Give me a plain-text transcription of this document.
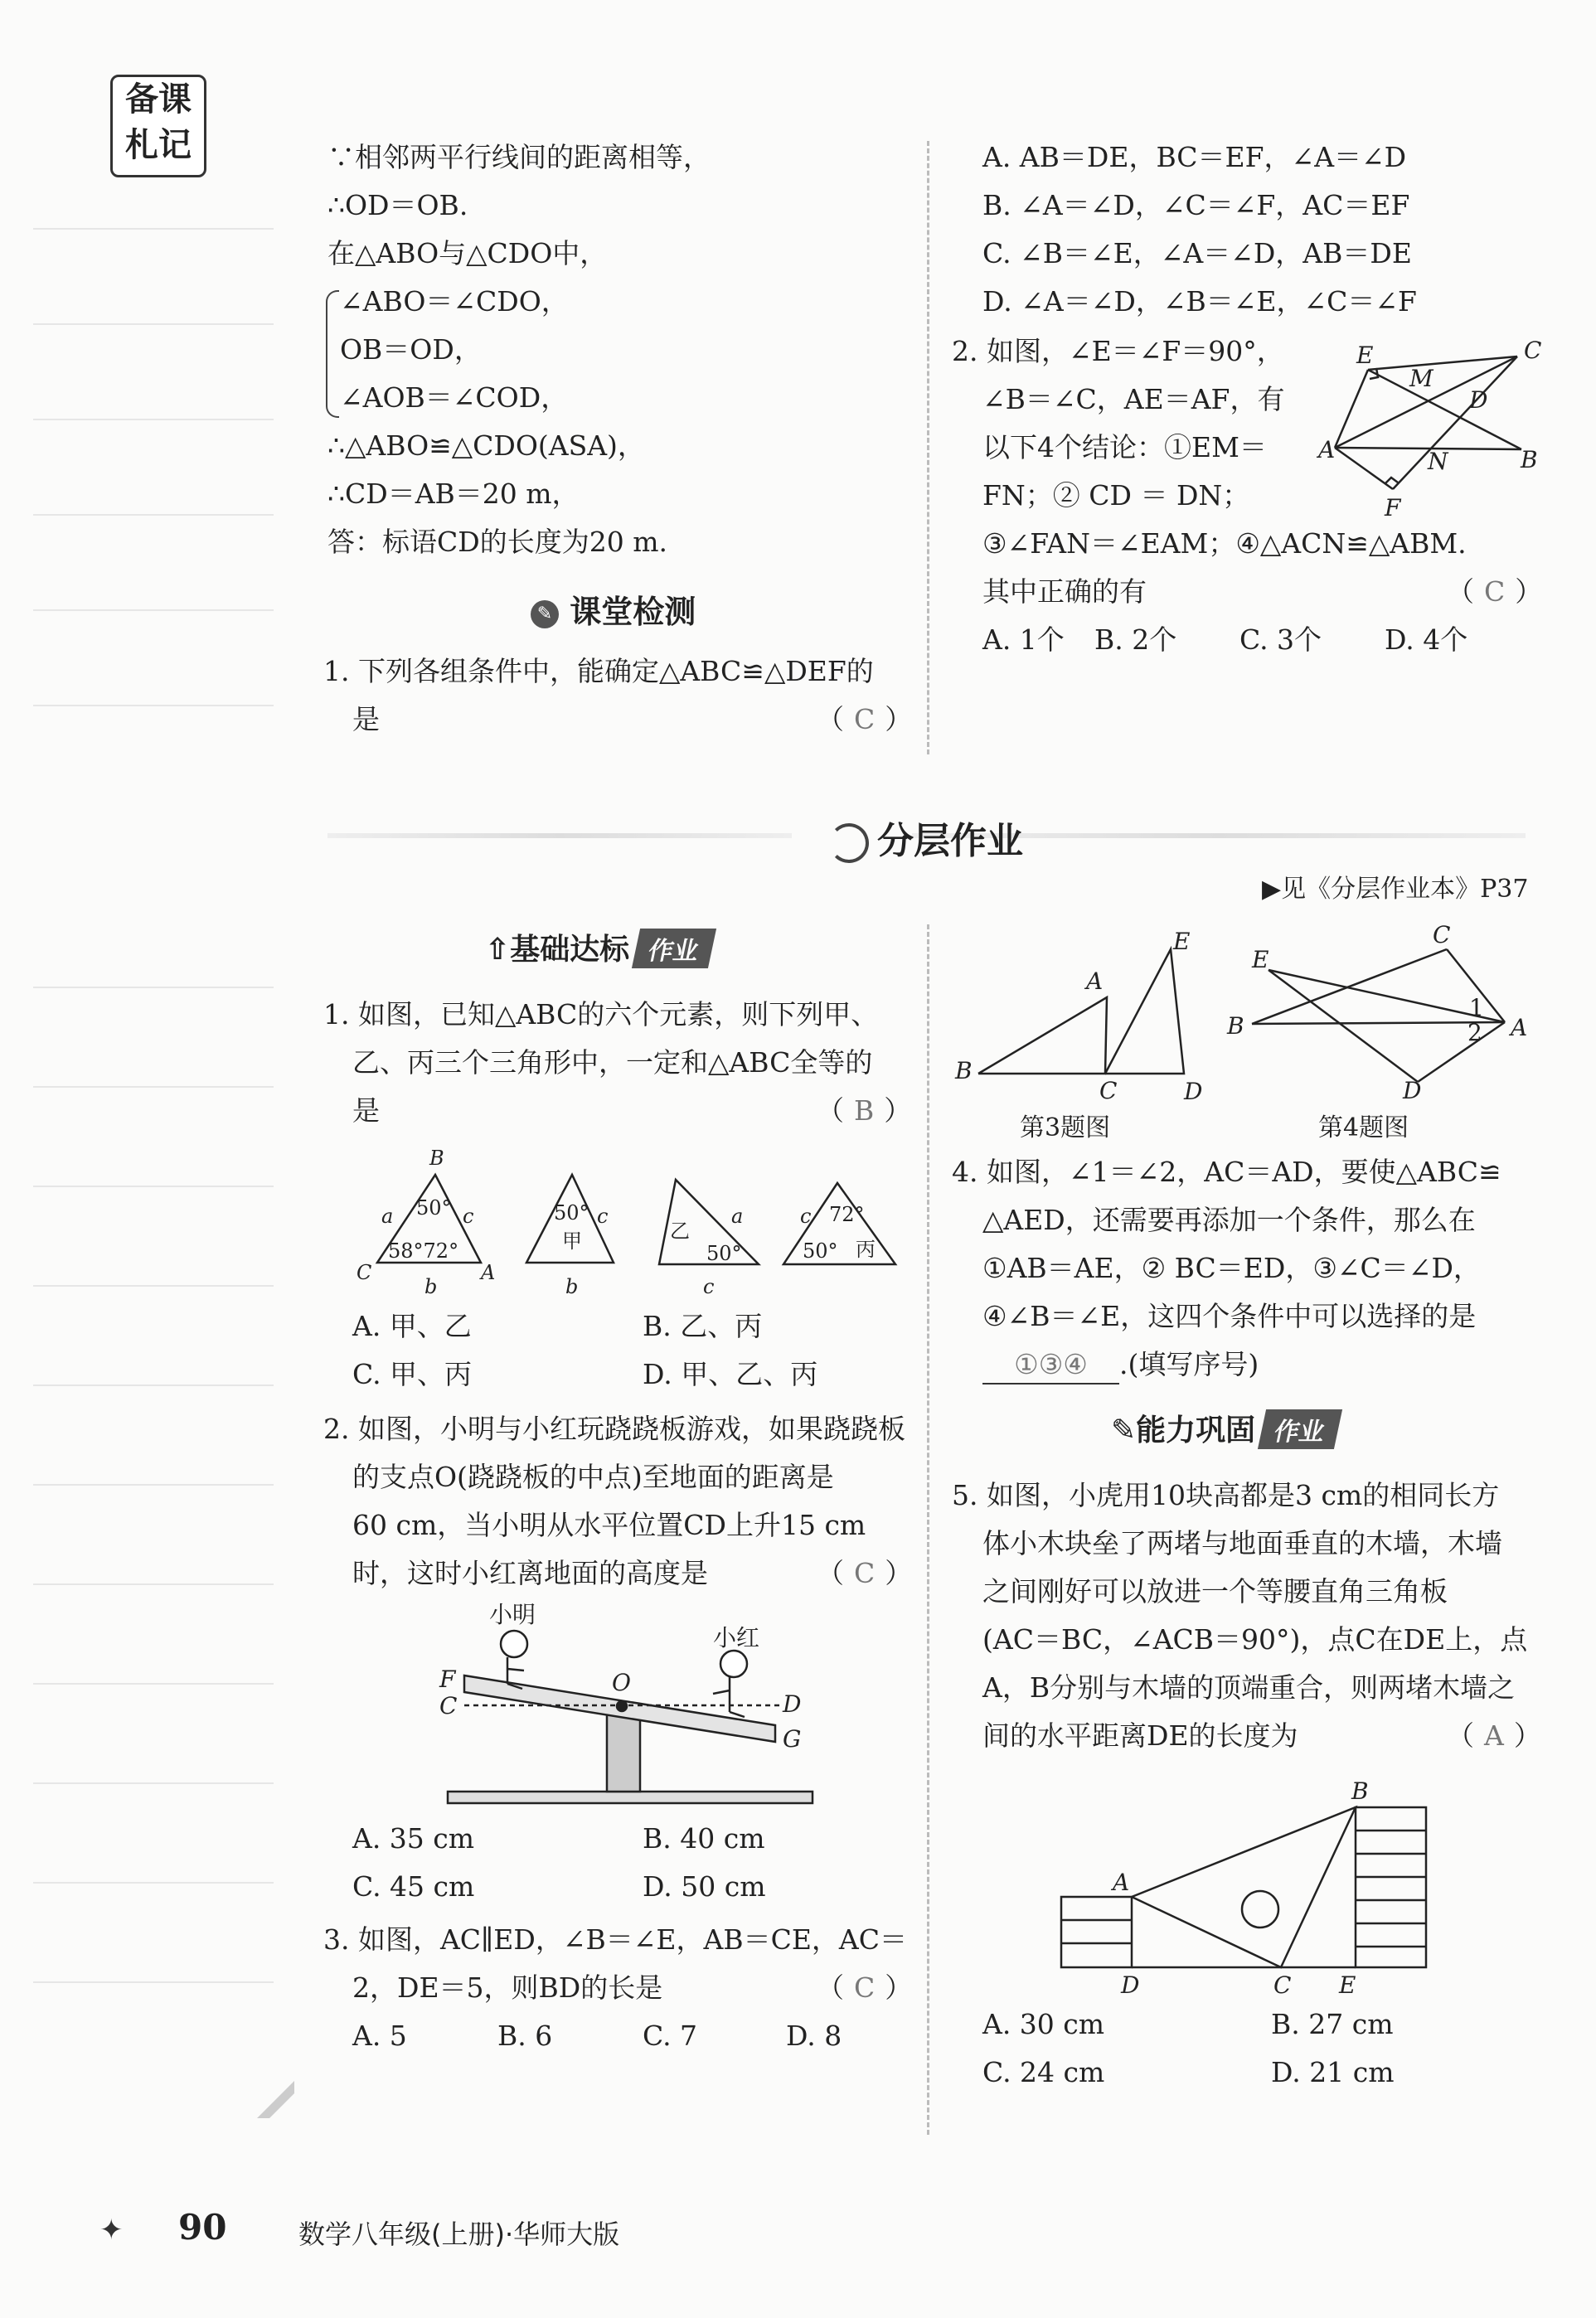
备课
札记	∵相邻两平行线间的距离相等，
∴OD＝OB.
在△ABO与△CDO中，
∠ABO＝∠CDO，
OB＝OD，
∠AOB＝∠COD，
∴△ABO≌△CDO(ASA)，
∴CD＝AB＝20 m，
答：标语CD的长度为20 m.
✎ 课堂检测
1. 下列各组条件中，能确定△ABC≌△DEF的
是	（ C ）
A. AB＝DE，BC＝EF，∠A＝∠D
B. ∠A＝∠D，∠C＝∠F，AC＝EF
C. ∠B＝∠E，∠A＝∠D，AB＝DE
D. ∠A＝∠D，∠B＝∠E，∠C＝∠F
2. 如图，∠E＝∠F＝90°，
∠B＝∠C，AE＝AF，有
以下4个结论：①EM＝
FN；② CD ＝ DN；
③∠FAN＝∠EAM；④△ACN≌△ABM.
其中正确的有	（ C ）
A. 1个 B. 2个 C. 3个 D. 4个
E	C
M
D
A	N	B
F
分层作业
▶见《分层作业本》P37
⇧基础达标 作业
1. 如图，已知△ABC的六个元素，则下列甲、
乙、丙三个三角形中，一定和△ABC全等的
是	（ B ）
B
a 50° c
58°72°
C
b
A
50° c
甲
b
乙
a
50°
c
c 72°
50° 丙
A. 甲、乙	B. 乙、丙
C. 甲、丙	D. 甲、乙、丙
2. 如图，小明与小红玩跷跷板游戏，如果跷跷板
的支点O(跷跷板的中点)至地面的距离是
60 cm，当小明从水平位置CD上升15 cm
时，这时小红离地面的高度是	（ C ）
小明
小红
F
C
O
D
G
A. 35 cm	B. 40 cm
C. 45 cm	D. 50 cm
3. 如图，AC∥ED，∠B＝∠E，AB＝CE，AC＝
2，DE＝5，则BD的长是	（ C ）
A. 5	B. 6	C. 7	D. 8
E
A
B
C	D
第3题图
C
E
B
1
A
2
D
第4题图
4. 如图，∠1＝∠2，AC＝AD，要使△ABC≌
△AED，还需要再添加一个条件，那么在
①AB＝AE，② BC＝ED，③∠C＝∠D，
④∠B＝∠E，这四个条件中可以选择的是
①③④ .(填写序号)
✎能力巩固 作业
5. 如图，小虎用10块高都是3 cm的相同长方
体小木块垒了两堵与地面垂直的木墙，木墙
之间刚好可以放进一个等腰直角三角板
(AC＝BC，∠ACB＝90°)，点C在DE上，点
A，B分别与木墙的顶端重合，则两堵木墙之
间的水平距离DE的长度为	（ A ）
B
A
D	C E
A. 30 cm	B. 27 cm
C. 24 cm	D. 21 cm
✦ 90	数学八年级(上册)·华师大版
